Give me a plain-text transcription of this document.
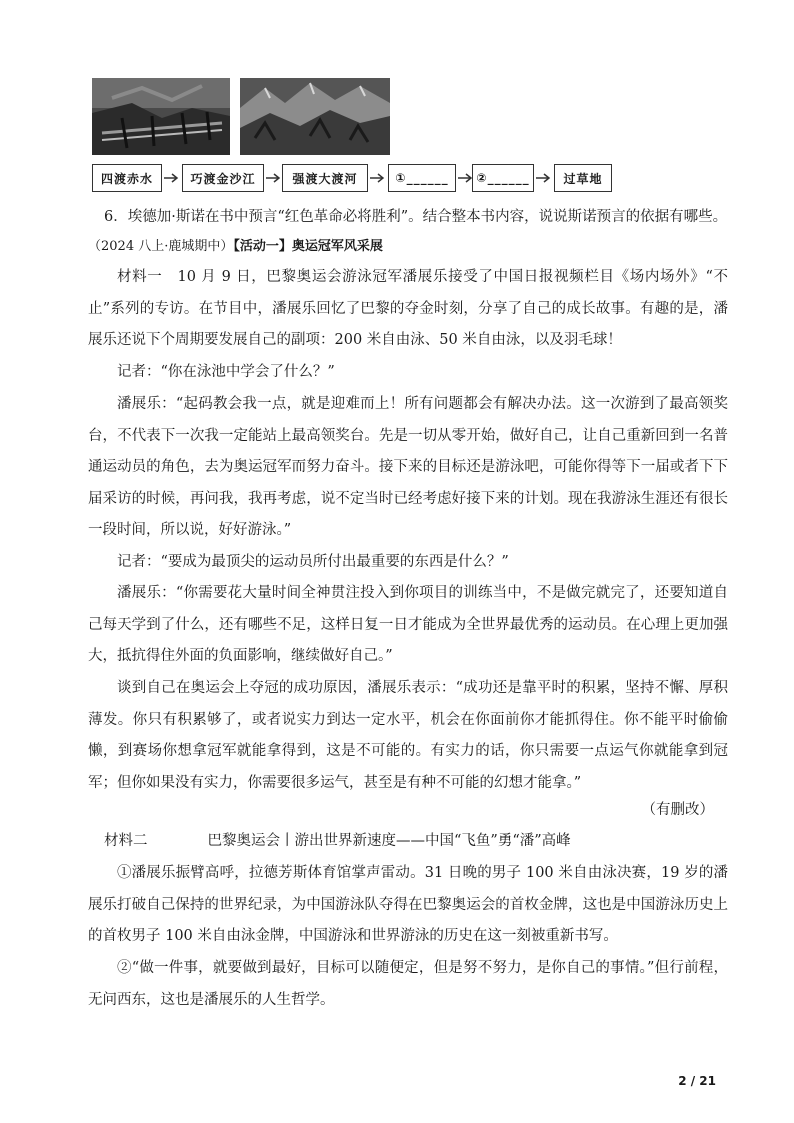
四渡赤水	巧渡金沙江	强渡大渡河	①______	②______	过草地
6．埃德加·斯诺在书中预言“红色革命必将胜利”。结合整本书内容，说说斯诺预言的依据有哪些。
（2024 八上·鹿城期中）【活动一】奥运冠军风采展
材料一　10 月 9 日，巴黎奥运会游泳冠军潘展乐接受了中国日报视频栏目《场内场外》“不止”系列的专访。在节目中，潘展乐回忆了巴黎的夺金时刻，分享了自己的成长故事。有趣的是，潘展乐还说下个周期要发展自己的副项：200 米自由泳、50 米自由泳，以及羽毛球！
记者：“你在泳池中学会了什么？”
潘展乐：“起码教会我一点，就是迎难而上！所有问题都会有解决办法。这一次游到了最高领奖台，不代表下一次我一定能站上最高领奖台。先是一切从零开始，做好自己，让自己重新回到一名普通运动员的角色，去为奥运冠军而努力奋斗。接下来的目标还是游泳吧，可能你得等下一届或者下下届采访的时候，再问我，我再考虑，说不定当时已经考虑好接下来的计划。现在我游泳生涯还有很长一段时间，所以说，好好游泳。”
记者：“要成为最顶尖的运动员所付出最重要的东西是什么？”
潘展乐：“你需要花大量时间全神贯注投入到你项目的训练当中，不是做完就完了，还要知道自己每天学到了什么，还有哪些不足，这样日复一日才能成为全世界最优秀的运动员。在心理上更加强大，抵抗得住外面的负面影响，继续做好自己。”
谈到自己在奥运会上夺冠的成功原因，潘展乐表示：“成功还是靠平时的积累，坚持不懈、厚积薄发。你只有积累够了，或者说实力到达一定水平，机会在你面前你才能抓得住。你不能平时偷偷懒，到赛场你想拿冠军就能拿得到，这是不可能的。有实力的话，你只需要一点运气你就能拿到冠军；但你如果没有实力，你需要很多运气，甚至是有种不可能的幻想才能拿。”
（有删改）
材料二	巴黎奥运会丨游出世界新速度——中国“飞鱼”勇“潘”高峰
①潘展乐振臂高呼，拉德芳斯体育馆掌声雷动。31 日晚的男子 100 米自由泳决赛，19 岁的潘展乐打破自己保持的世界纪录，为中国游泳队夺得在巴黎奥运会的首枚金牌，这也是中国游泳历史上的首枚男子 100 米自由泳金牌，中国游泳和世界游泳的历史在这一刻被重新书写。
②“做一件事，就要做到最好，目标可以随便定，但是努不努力，是你自己的事情。”但行前程，无问西东，这也是潘展乐的人生哲学。
2 / 21
